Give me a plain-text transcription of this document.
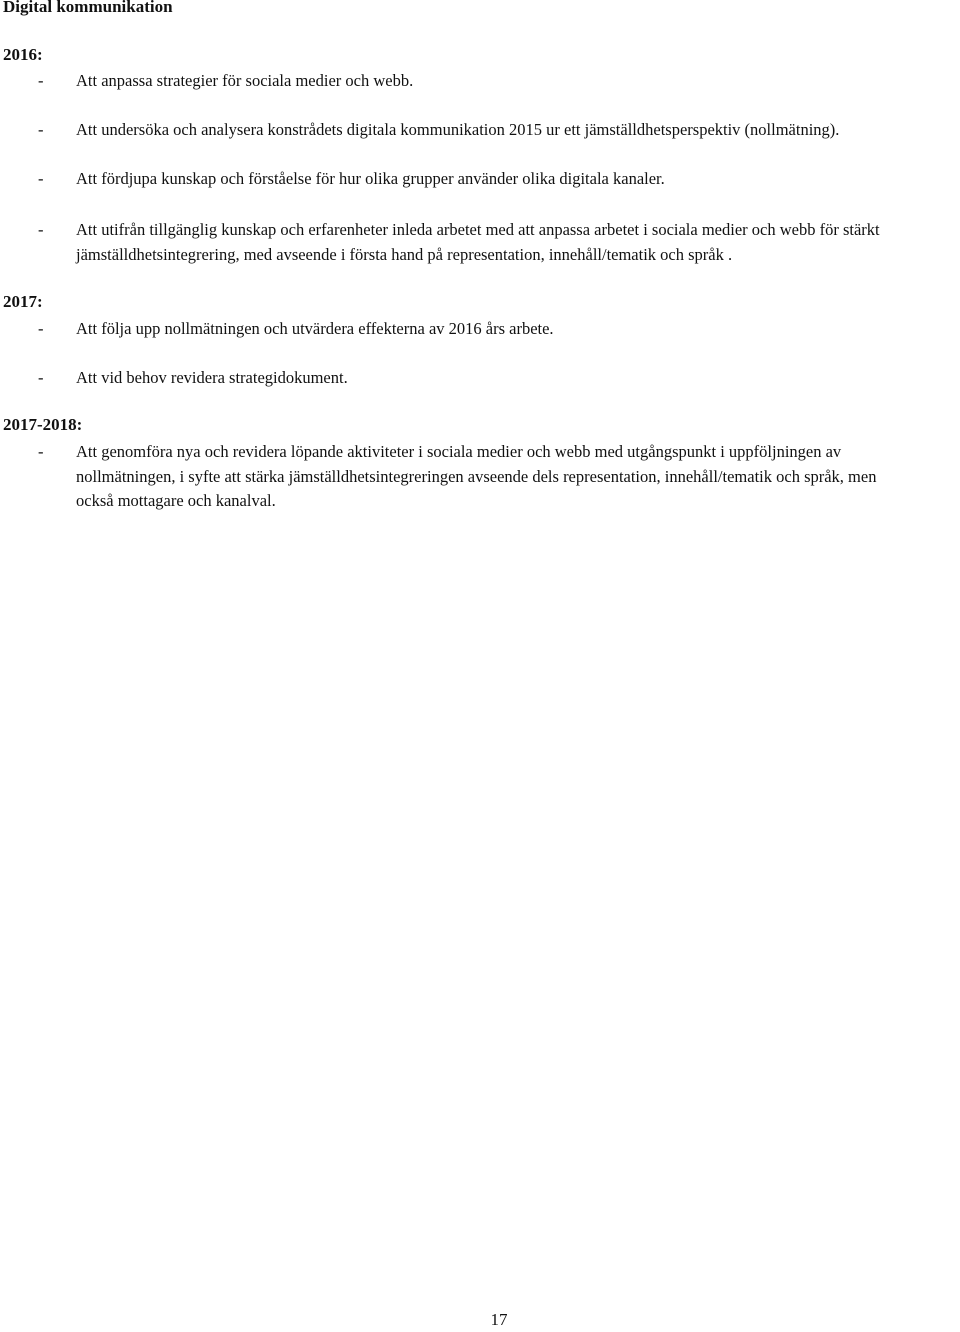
Digital kommunikation
2016:
- Att anpassa strategier för sociala medier och webb.
- Att undersöka och analysera konstrådets digitala kommunikation 2015 ur ett jämställdhetsperspektiv (nollmätning).
- Att fördjupa kunskap och förståelse för hur olika grupper använder olika digitala kanaler.
- Att utifrån tillgänglig kunskap och erfarenheter inleda arbetet med att anpassa arbetet i sociala medier och webb för stärkt
jämställdhetsintegrering, med avseende i första hand på representation, innehåll/tematik och språk .
2017:
- Att följa upp nollmätningen och utvärdera effekterna av 2016 års arbete.
- Att vid behov revidera strategidokument.
2017-2018:
- Att genomföra nya och revidera löpande aktiviteter i sociala medier och webb med utgångspunkt i uppföljningen av
nollmätningen, i syfte att stärka jämställdhetsintegreringen avseende dels representation, innehåll/tematik och språk, men
också mottagare och kanalval.

17
